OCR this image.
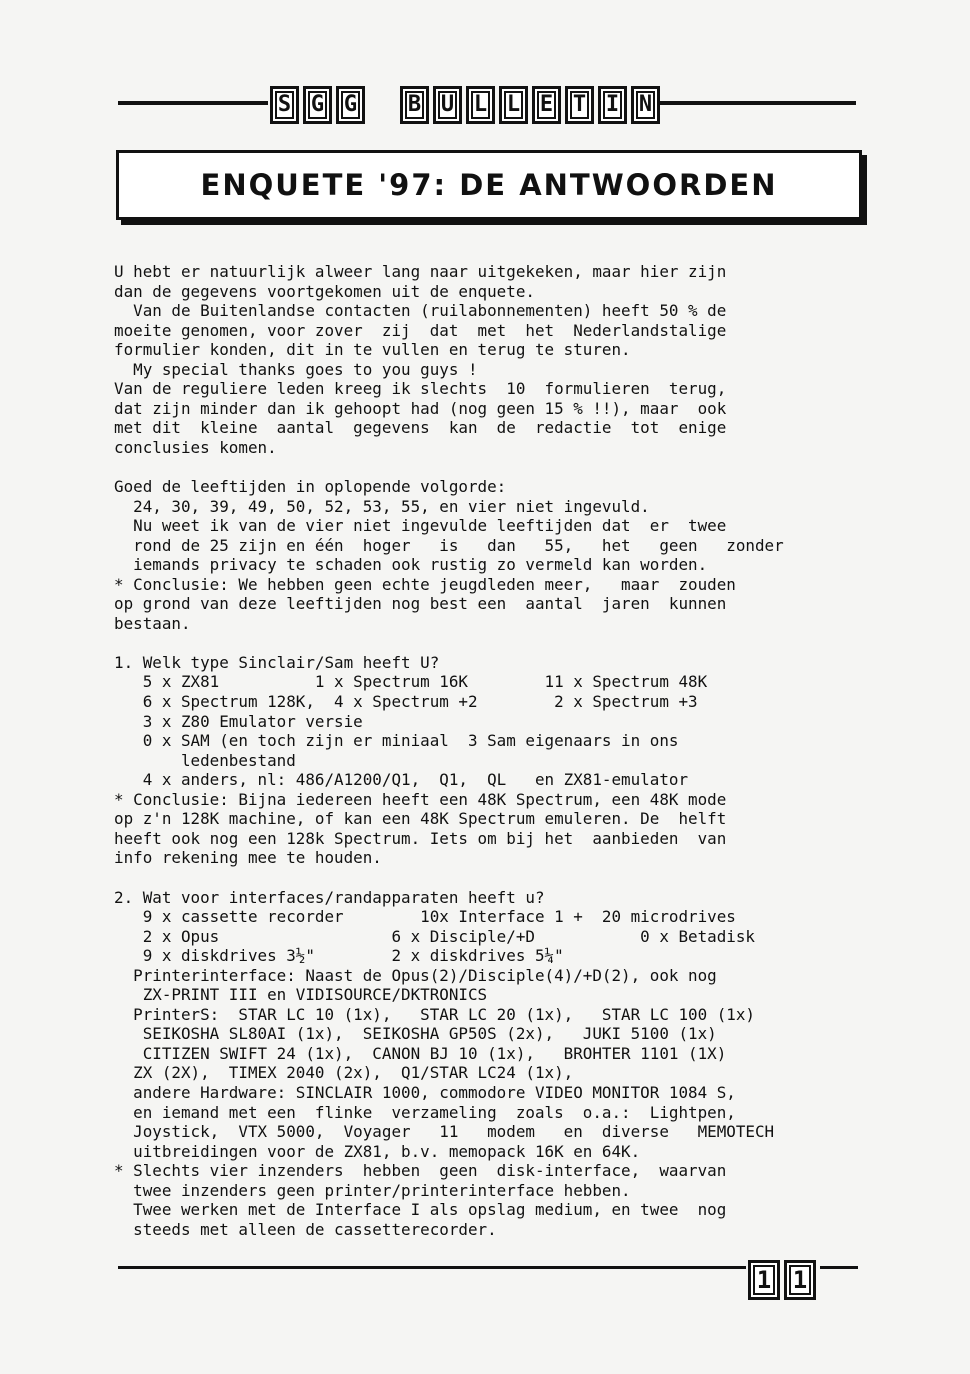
S G G	B U L L E T I N
ENQUETE '97: DE ANTWOORDEN
U hebt er natuurlijk alweer lang naar uitgekeken, maar hier zijn
dan de gegevens voortgekomen uit de enquete.
Van de Buitenlandse contacten (ruilabonnementen) heeft 50 % de
moeite genomen, voor zover  zij  dat  met  het  Nederlandstalige
formulier konden, dit in te vullen en terug te sturen.
My special thanks goes to you guys !
Van de reguliere leden kreeg ik slechts  10  formulieren  terug,
dat zijn minder dan ik gehoopt had (nog geen 15 % !!), maar  ook
met dit  kleine  aantal  gegevens  kan  de  redactie  tot  enige
conclusies komen.
Goed de leeftijden in oplopende volgorde:
24, 30, 39, 49, 50, 52, 53, 55, en vier niet ingevuld.
Nu weet ik van de vier niet ingevulde leeftijden dat  er  twee
rond de 25 zijn en één  hoger   is   dan   55,   het   geen   zonder
iemands privacy te schaden ook rustig zo vermeld kan worden.
* Conclusie: We hebben geen echte jeugdleden meer,   maar  zouden
op grond van deze leeftijden nog best een  aantal  jaren  kunnen
bestaan.
1. Welk type Sinclair/Sam heeft U?
5 x ZX81          1 x Spectrum 16K        11 x Spectrum 48K
6 x Spectrum 128K,  4 x Spectrum +2        2 x Spectrum +3
3 x Z80 Emulator versie
0 x SAM (en toch zijn er miniaal  3 Sam eigenaars in ons
ledenbestand
4 x anders, nl: 486/A1200/Q1,  Q1,  QL   en ZX81-emulator
* Conclusie: Bijna iedereen heeft een 48K Spectrum, een 48K mode
op z'n 128K machine, of kan een 48K Spectrum emuleren. De  helft
heeft ook nog een 128k Spectrum. Iets om bij het  aanbieden  van
info rekening mee te houden.
2. Wat voor interfaces/randapparaten heeft u?
9 x cassette recorder        10x Interface 1 +  20 microdrives
2 x Opus                  6 x Disciple/+D           0 x Betadisk
9 x diskdrives 3½"        2 x diskdrives 5¼"
Printerinterface: Naast de Opus(2)/Disciple(4)/+D(2), ook nog
ZX-PRINT III en VIDISOURCE/DKTRONICS
PrinterS:  STAR LC 10 (1x),   STAR LC 20 (1x),   STAR LC 100 (1x)
SEIKOSHA SL80AI (1x),  SEIKOSHA GP50S (2x),   JUKI 5100 (1x)
CITIZEN SWIFT 24 (1x),  CANON BJ 10 (1x),   BROHTER 1101 (1X)
ZX (2X),  TIMEX 2040 (2x),  Q1/STAR LC24 (1x),
andere Hardware: SINCLAIR 1000, commodore VIDEO MONITOR 1084 S,
en iemand met een  flinke  verzameling  zoals  o.a.:  Lightpen,
Joystick,  VTX 5000,  Voyager   11   modem   en  diverse   MEMOTECH
uitbreidingen voor de ZX81, b.v. memopack 16K en 64K.
* Slechts vier inzenders  hebben  geen  disk-interface,  waarvan
twee inzenders geen printer/printerinterface hebben.
Twee werken met de Interface I als opslag medium, en twee  nog
steeds met alleen de cassetterecorder.
1 1
